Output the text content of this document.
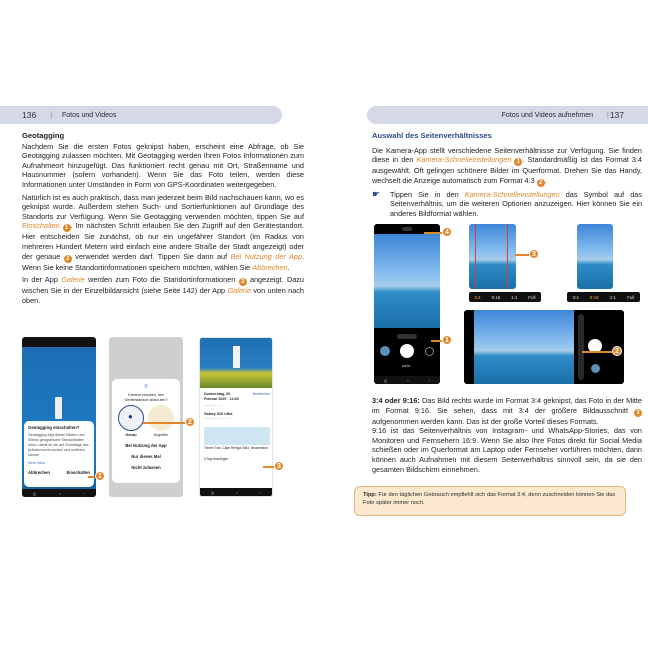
136 | Fotos und Videos
Geotagging

Nachdem Sie die ersten Fotos geknipst haben, erscheint eine Abfrage, ob Sie Geotagging zulassen möchten. Mit Geotagging werden Ihren Fotos Informationen zum Aufnahmeort hinzugefügt. Das funktioniert recht genau mit Ort, Straßenname und Hausnummer (sofern vorhanden). Wenn Sie das Foto teilen, werden diese Informationen unter Umständen in Form von GPS-Koordinaten weitergegeben.

Natürlich ist es auch praktisch, dass man jederzeit beim Bild nachschauen kann, wo es geknipst wurde. Außerdem stehen Such- und Sortierfunktionen auf Grundlage des Standorts zur Verfügung. Wenn Sie Geotagging verwenden möchten, tippen Sie auf Einschalten 1 . Im nächsten Schritt erlauben Sie den Zugriff auf den Gerätestandort. Hier entscheiden Sie zunächst, ob nur ein ungefährer Standort (im Radius von mehreren Hundert Metern wird einfach eine andere Straße der Stadt angezeigt) oder der genaue 2 verwendet werden darf. Tippen Sie dann auf Bei Nutzung der App. Wenn Sie keine Standortinformationen speichern möchten, wählen Sie Abbrechen.

In der App Galerie werden zum Foto die Standortinformationen 3 angezeigt. Dazu wischen Sie in der Einzelbildansicht (siehe Seite 142) der App Galerie von unten nach oben.

Geotagging einschalten?
Geotagging fügt deinen Bildern und Videos geografische Standortdaten hinzu, damit du sie auf Grundlage des Aufnahmeorts suchen und sortieren kannst.
Mehr Infos
Abbrechen	Einschalten
|||	○	‹
1
⌾
Kamera erlauben, den Gerätestandort abzurufen?
●
Genau	Ungefähr
Bei Nutzung der App
Nur dieses Mal
Nicht zulassen
2
Donnerstag, 20. Februar 2020 · 14:33
Bearbeiten
— — — —
Galaxy S20 Ultra
— — — — — —
Timber Trail, Cape Reinga 0484, Neuseeland
# Tag hinzufügen
|||	○	‹
3
Fotos und Videos aufnehmen | 137
Auswahl des Seitenverhältnisses

Die Kamera-App stellt verschiedene Seitenverhältnisse zur Verfügung. Sie finden diese in den Kamera-Schnelleinstellungen 1 . Standardmäßig ist das Format 3:4 ausgewählt. Oft gelingen schönere Bilder im Querformat. Drehen Sie das Handy, wechselt die Anzeige automatisch zum Format 4:3 2 .

☛	Tippen Sie in den Kamera-Schnelleinstellungen das Symbol auf das Seitenverhältnis, um die weiteren Optionen anzuzeigen. Hier können Sie ein anderes Bildformat wählen.
FOTO
|||	○	‹
4
1
3
3:4 9:16 1:1 Full	3:4 9:16 1:1 Full
2

3:4 oder 9:16: Das Bild rechts wurde im Format 3:4 geknipst, das Foto in der Mitte im Format 9:16. Sie sehen, dass mit 3:4 der größere Bildausschnitt 3 aufgenommen werden kann. Das ist der große Vorteil dieses Formats.

9:16 ist das Seitenverhältnis von Instagram- und WhatsApp-Stories, das von Monitoren und Fernsehern 16:9. Wenn Sie also Ihre Fotos direkt für Social Media schießen oder im Querformat am Laptop oder Fernseher vorführen möchten, dann können auch Aufnahmen mit diesem Seitenverhältnis sinnvoll sein, da sie den gesamten Bildschirm einnehmen.

Tipp: Für den täglichen Gebrauch empfiehlt sich das Format 3:4, denn zuschneiden können Sie das Foto später immer noch.
